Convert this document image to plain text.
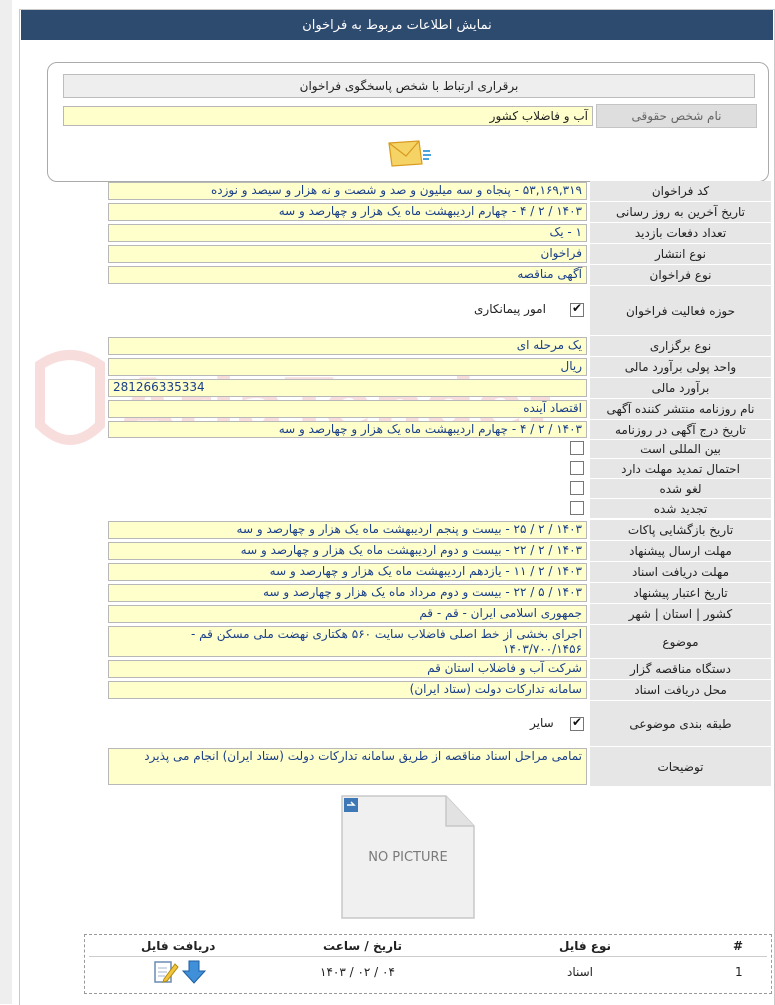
نمایش اطلاعات مربوط به فراخوان
برقراری ارتباط با شخص پاسخگوی فراخوان
آب و فاضلاب کشور	نام شخص حقوقی
کد فراخوان
۵۳,۱۶۹,۳۱۹ - پنجاه و سه میلیون و صد و شصت و نه هزار و سیصد و نوزده
تاریخ آخرین به روز رسانی
۱۴۰۳ / ۲ / ۴ - چهارم اردیبهشت ماه یک هزار و چهارصد و سه
تعداد دفعات بازدید
۱ - یک
نوع انتشار
فراخوان
نوع فراخوان
آگهی مناقصه
حوزه فعالیت فراخوان
✔
امور پیمانکاری
نوع برگزاری
یک مرحله ای
واحد پولی برآورد مالی
ریال
برآورد مالی
281266335334
نام روزنامه منتشر کننده آگهی
اقتصاد آینده
تاریخ درج آگهی در روزنامه
۱۴۰۳ / ۲ / ۴ - چهارم اردیبهشت ماه یک هزار و چهارصد و سه
بین المللی است
احتمال تمدید مهلت دارد
لغو شده
تجدید شده
تاریخ بازگشایی پاکات
۱۴۰۳ / ۲ / ۲۵ - بیست و پنجم اردیبهشت ماه یک هزار و چهارصد و سه
مهلت ارسال پیشنهاد
۱۴۰۳ / ۲ / ۲۲ - بیست و دوم اردیبهشت ماه یک هزار و چهارصد و سه
مهلت دریافت اسناد
۱۴۰۳ / ۲ / ۱۱ - یازدهم اردیبهشت ماه یک هزار و چهارصد و سه
تاریخ اعتبار پیشنهاد
۱۴۰۳ / ۵ / ۲۲ - بیست و دوم مرداد ماه یک هزار و چهارصد و سه
کشور | استان | شهر
جمهوری اسلامی ایران - قم - قم
موضوع
اجرای بخشی از خط اصلی فاضلاب سایت ۵۶۰ هکتاری نهضت ملی مسکن قم - ۱۴۰۳/۷۰۰/۱۴۵۶
دستگاه مناقصه گزار
شرکت آب و فاضلاب استان قم
محل دریافت اسناد
سامانه تدارکات دولت (ستاد ایران)
طبقه بندی موضوعی
✔
سایر
توضیحات
تمامی مراحل اسناد مناقصه از طریق سامانه تدارکات دولت (ستاد ایران) انجام می پذیرد
NO PICTURE
#
نوع فایل
تاریخ / ساعت
دریافت فایل
1
اسناد
۱۴۰۳ / ۰۲ / ۰۴
